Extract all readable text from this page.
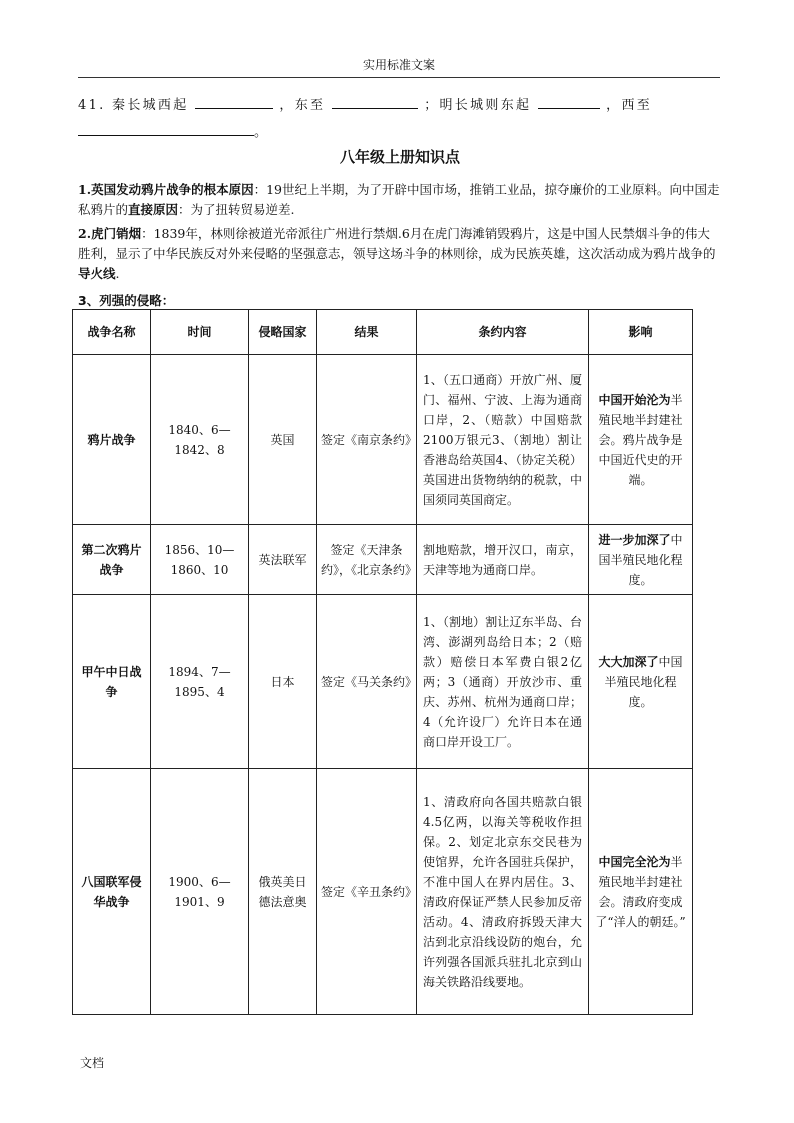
实用标准文案
41. 秦长城西起	，东至	；明长城则东起	，西至
。
八年级上册知识点
1.英国发动鸦片战争的根本原因：19世纪上半期，为了开辟中国市场，推销工业品，掠夺廉价的工业原料。向中国走私鸦片的直接原因：为了扭转贸易逆差.
2.虎门销烟：1839年，林则徐被道光帝派往广州进行禁烟.6月在虎门海滩销毁鸦片，这是中国人民禁烟斗争的伟大胜利，显示了中华民族反对外来侵略的坚强意志，领导这场斗争的林则徐，成为民族英雄，这次活动成为鸦片战争的导火线.
3、列强的侵略：
战争名称	时间	侵略国家	结果	条约内容	影响
鸦片战争	1840、6—1842、8	英国	签定《南京条约》	1、（五口通商）开放广州、厦门、福州、宁波、上海为通商口岸，2、（赔款）中国赔款2100万银元3、（割地）割让香港岛给英国4、（协定关税）英国进出货物纳纳的税款，中国须同英国商定。	中国开始沦为半殖民地半封建社会。鸦片战争是中国近代史的开端。
第二次鸦片战争	1856、10—1860、10	英法联军	签定《天津条约》，《北京条约》	割地赔款，增开汉口，南京，天津等地为通商口岸。	进一步加深了中国半殖民地化程度。
甲午中日战争	1894、7—1895、4	日本	签定《马关条约》	1、（割地）割让辽东半岛、台湾、澎湖列岛给日本；2（赔款）赔偿日本军费白银2亿两；3（通商）开放沙市、重庆、苏州、杭州为通商口岸；4（允许设厂）允许日本在通商口岸开设工厂。	大大加深了中国半殖民地化程度。
八国联军侵华战争	1900、6—1901、9	俄英美日德法意奥	签定《辛丑条约》	1、清政府向各国共赔款白银4.5亿两，以海关等税收作担保。2、划定北京东交民巷为使馆界，允许各国驻兵保护，不准中国人在界内居住。3、清政府保证严禁人民参加反帝活动。4、清政府拆毁天津大沽到北京沿线设防的炮台，允许列强各国派兵驻扎北京到山海关铁路沿线要地。	中国完全沦为半殖民地半封建社会。清政府变成了“洋人的朝廷。”
文档
